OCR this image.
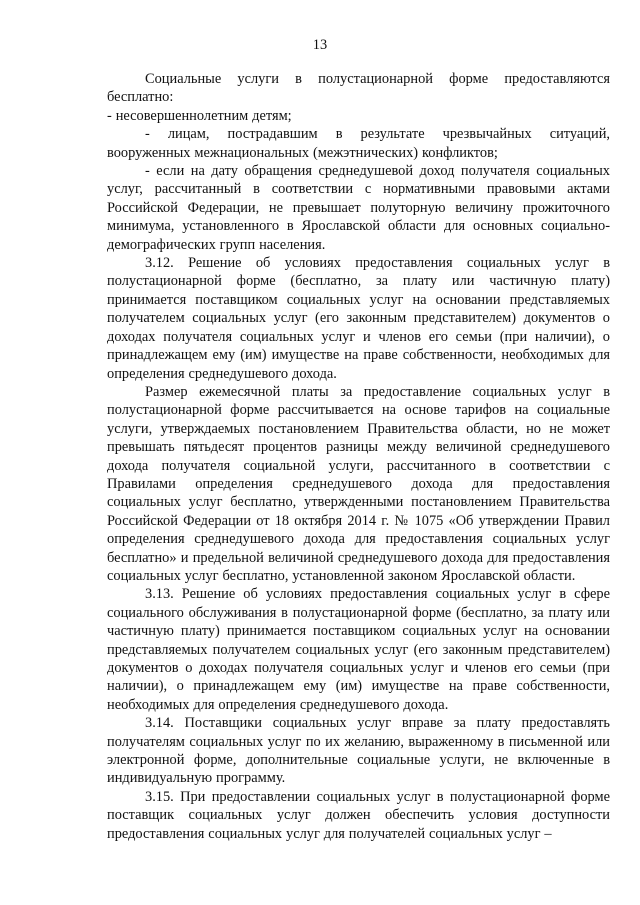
13

Социальные услуги в полустационарной форме предоставляются бесплатно:

- несовершеннолетним детям;

- лицам, пострадавшим в результате чрезвычайных ситуаций, вооруженных межнациональных (межэтнических) конфликтов;

- если на дату обращения среднедушевой доход получателя социальных услуг, рассчитанный в соответствии с нормативными правовыми актами Российской Федерации, не превышает полуторную величину прожиточного минимума, установленного в Ярославской области для основных социально-демографических групп населения.

3.12. Решение об условиях предоставления социальных услуг в полустационарной форме (бесплатно, за плату или частичную плату) принимается поставщиком социальных услуг на основании представляемых получателем социальных услуг (его законным представителем) документов о доходах получателя социальных услуг и членов его семьи (при наличии), о принадлежащем ему (им) имуществе на праве собственности, необходимых для определения среднедушевого дохода.

Размер ежемесячной платы за предоставление социальных услуг в полустационарной форме рассчитывается на основе тарифов на социальные услуги, утверждаемых постановлением Правительства области, но не может превышать пятьдесят процентов разницы между величиной среднедушевого дохода получателя социальной услуги, рассчитанного в соответствии с Правилами определения среднедушевого дохода для предоставления социальных услуг бесплатно, утвержденными постановлением Правительства Российской Федерации от 18 октября 2014 г. № 1075 «Об утверждении Правил определения среднедушевого дохода для предоставления социальных услуг бесплатно» и предельной величиной среднедушевого дохода для предоставления социальных услуг бесплатно, установленной законом Ярославской области.

3.13. Решение об условиях предоставления социальных услуг в сфере социального обслуживания в полустационарной форме (бесплатно, за плату или частичную плату) принимается поставщиком социальных услуг на основании представляемых получателем социальных услуг (его законным представителем) документов о доходах получателя социальных услуг и членов его семьи (при наличии), о принадлежащем ему (им) имуществе на праве собственности, необходимых для определения среднедушевого дохода.

3.14. Поставщики социальных услуг вправе за плату предоставлять получателям социальных услуг по их желанию, выраженному в письменной или электронной форме, дополнительные социальные услуги, не включенные в индивидуальную программу.

3.15. При предоставлении социальных услуг в полустационарной форме поставщик социальных услуг должен обеспечить условия доступности предоставления социальных услуг для получателей социальных услуг –
